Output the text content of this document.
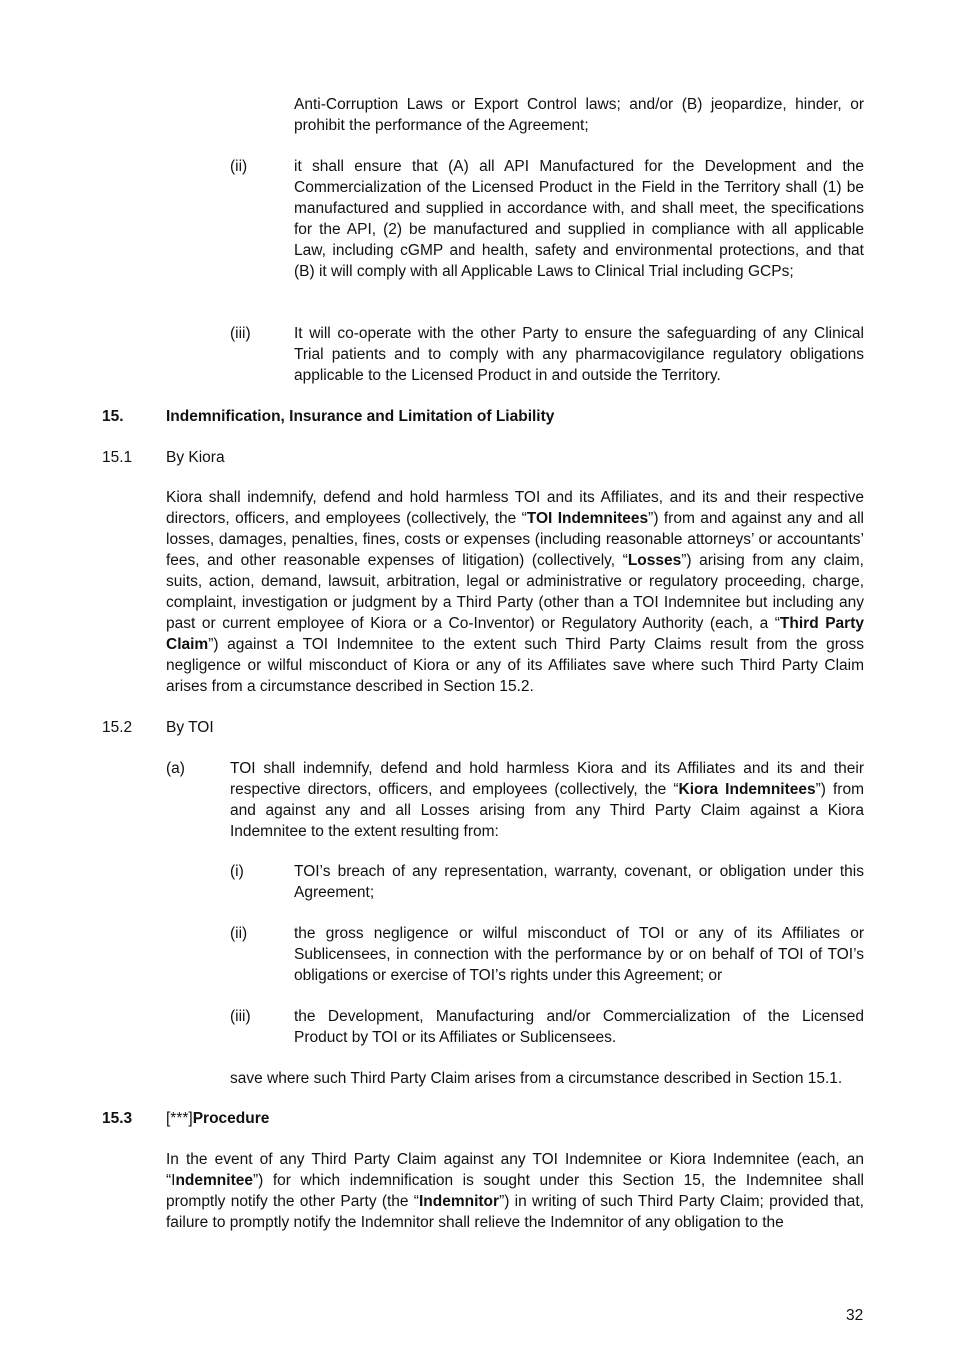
Anti-Corruption Laws or Export Control laws; and/or (B) jeopardize, hinder, or prohibit the performance of the Agreement;
(ii)	it shall ensure that (A) all API Manufactured for the Development and the Commercialization of the Licensed Product in the Field in the Territory shall (1) be manufactured and supplied in accordance with, and shall meet, the specifications for the API, (2) be manufactured and supplied in compliance with all applicable Law, including cGMP and health, safety and environmental protections, and that (B) it will comply with all Applicable Laws to Clinical Trial including GCPs;
(iii)	It will co-operate with the other Party to ensure the safeguarding of any Clinical Trial patients and to comply with any pharmacovigilance regulatory obligations applicable to the Licensed Product in and outside the Territory.
15.	Indemnification, Insurance and Limitation of Liability
15.1 By Kiora
Kiora shall indemnify, defend and hold harmless TOI and its Affiliates, and its and their respective directors, officers, and employees (collectively, the “TOI Indemnitees”) from and against any and all losses, damages, penalties, fines, costs or expenses (including reasonable attorneys’ or accountants’ fees, and other reasonable expenses of litigation) (collectively, “Losses”) arising from any claim, suits, action, demand, lawsuit, arbitration, legal or administrative or regulatory proceeding, charge, complaint, investigation or judgment by a Third Party (other than a TOI Indemnitee but including any past or current employee of Kiora or a Co-Inventor) or Regulatory Authority (each, a “Third Party Claim”) against a TOI Indemnitee to the extent such Third Party Claims result from the gross negligence or wilful misconduct of Kiora or any of its Affiliates save where such Third Party Claim arises from a circumstance described in Section 15.2.
15.2 By TOI
(a)	TOI shall indemnify, defend and hold harmless Kiora and its Affiliates and its and their respective directors, officers, and employees (collectively, the “Kiora Indemnitees”) from and against any and all Losses arising from any Third Party Claim against a Kiora Indemnitee to the extent resulting from:
(i)	TOI’s breach of any representation, warranty, covenant, or obligation under this Agreement;
(ii)	the gross negligence or wilful misconduct of TOI or any of its Affiliates or Sublicensees, in connection with the performance by or on behalf of TOI of TOI’s obligations or exercise of TOI’s rights under this Agreement; or
(iii)	the Development, Manufacturing and/or Commercialization of the Licensed Product by TOI or its Affiliates or Sublicensees.
save where such Third Party Claim arises from a circumstance described in Section 15.1.
15.3 [***]Procedure
In the event of any Third Party Claim against any TOI Indemnitee or Kiora Indemnitee (each, an “Indemnitee”) for which indemnification is sought under this Section 15, the Indemnitee shall promptly notify the other Party (the “Indemnitor”) in writing of such Third Party Claim; provided that, failure to promptly notify the Indemnitor shall relieve the Indemnitor of any obligation to the
32
